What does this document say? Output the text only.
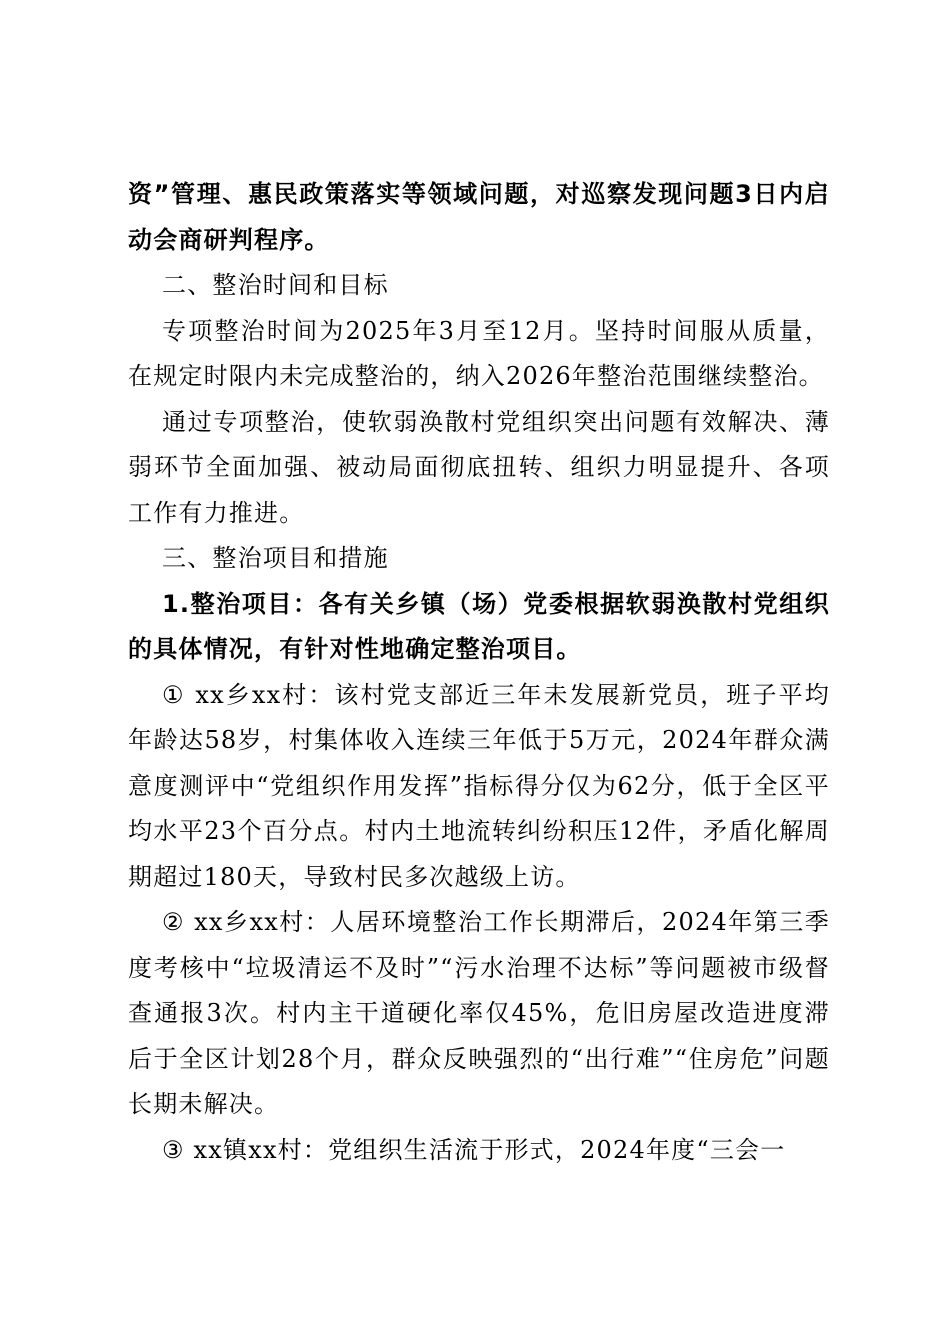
资”管理、惠民政策落实等领域问题，对巡察发现问题3日内启动会商研判程序。

二、整治时间和目标

专项整治时间为2025年3月至12月。坚持时间服从质量，在规定时限内未完成整治的，纳入2026年整治范围继续整治。

通过专项整治，使软弱涣散村党组织突出问题有效解决、薄弱环节全面加强、被动局面彻底扭转、组织力明显提升、各项工作有力推进。

三、整治项目和措施

1.整治项目：各有关乡镇（场）党委根据软弱涣散村党组织的具体情况，有针对性地确定整治项目。

① xx乡xx村：该村党支部近三年未发展新党员，班子平均年龄达58岁，村集体收入连续三年低于5万元，2024年群众满意度测评中“党组织作用发挥”指标得分仅为62分，低于全区平均水平23个百分点。村内土地流转纠纷积压12件，矛盾化解周期超过180天，导致村民多次越级上访。

② xx乡xx村：人居环境整治工作长期滞后，2024年第三季度考核中“垃圾清运不及时”“污水治理不达标”等问题被市级督查通报3次。村内主干道硬化率仅45%，危旧房屋改造进度滞后于全区计划28个月，群众反映强烈的“出行难”“住房危”问题长期未解决。

③ xx镇xx村：党组织生活流于形式，2024年度“三会一
